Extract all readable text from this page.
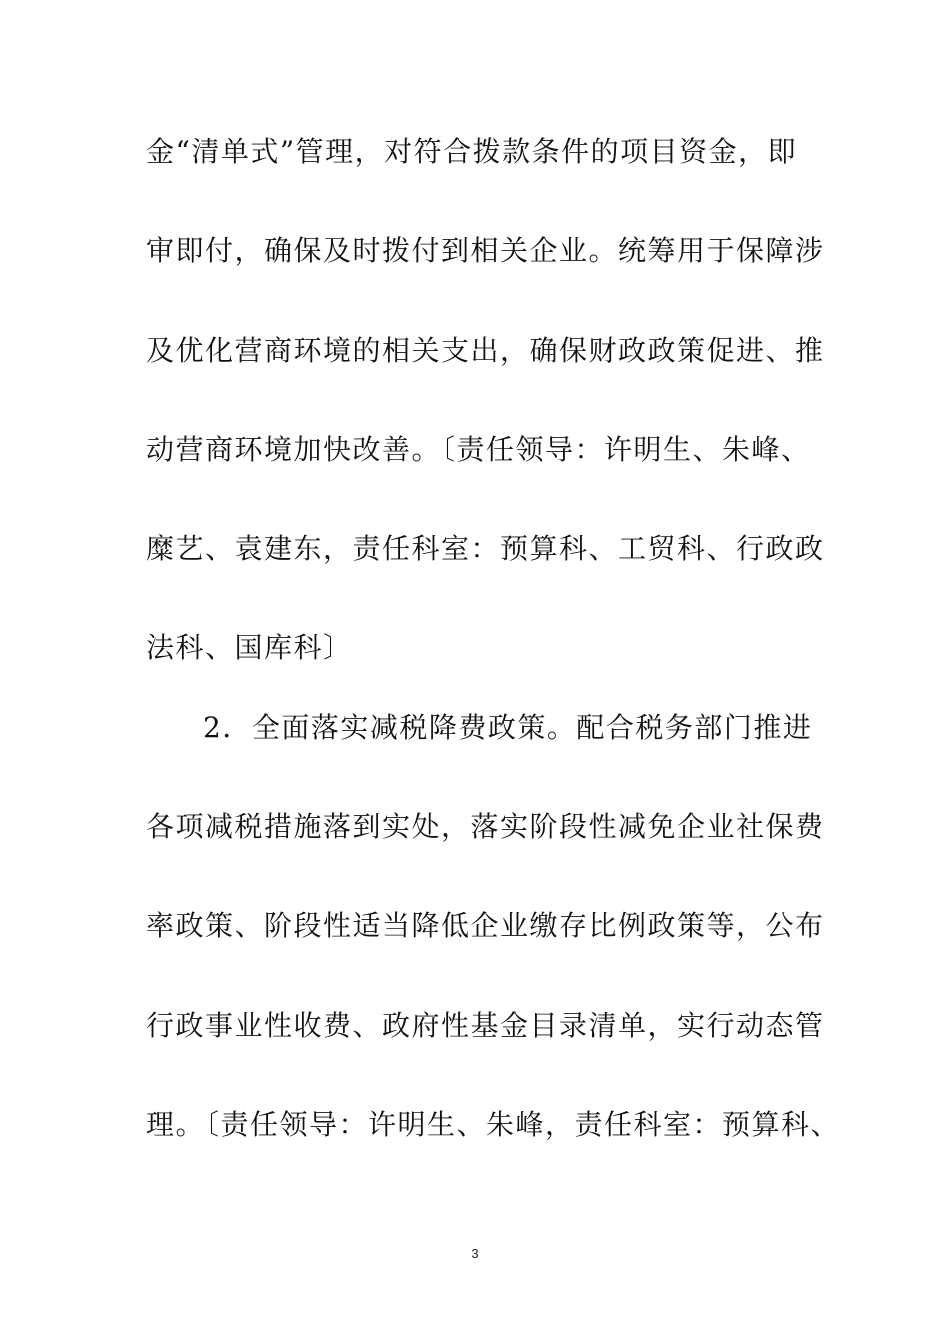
金“清单式”管理，对符合拨款条件的项目资金，即
审即付，确保及时拨付到相关企业。统筹用于保障涉
及优化营商环境的相关支出，确保财政政策促进、推
动营商环境加快改善。〔责任领导：许明生、朱峰、
糜艺、袁建东，责任科室：预算科、工贸科、行政政
法科、国库科〕
2．全面落实减税降费政策。配合税务部门推进
各项减税措施落到实处，落实阶段性减免企业社保费
率政策、阶段性适当降低企业缴存比例政策等，公布
行政事业性收费、政府性基金目录清单，实行动态管
理。〔责任领导：许明生、朱峰，责任科室：预算科、
3
